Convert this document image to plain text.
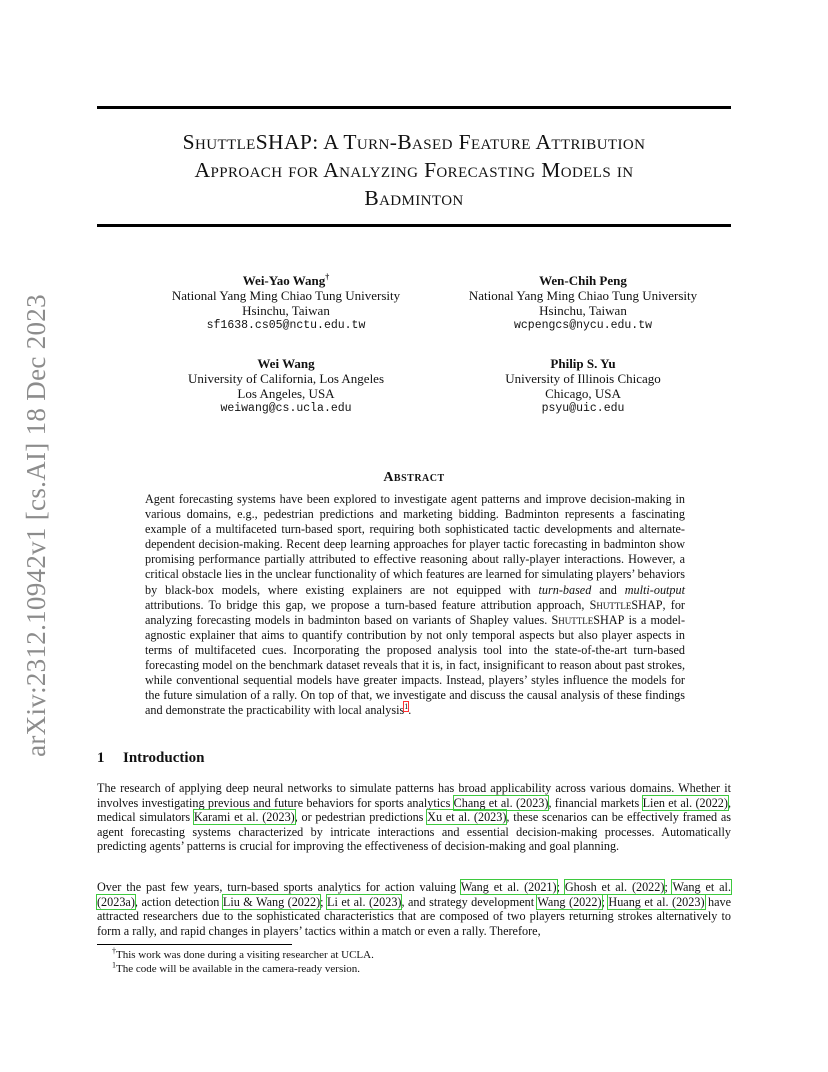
arXiv:2312.10942v1 [cs.AI] 18 Dec 2023
ShuttleSHAP: A Turn-Based Feature Attribution
Approach for Analyzing Forecasting Models in
Badminton
Wei-Yao Wang†
National Yang Ming Chiao Tung University
Hsinchu, Taiwan
sf1638.cs05@nctu.edu.tw
Wen-Chih Peng
National Yang Ming Chiao Tung University
Hsinchu, Taiwan
wcpengcs@nycu.edu.tw
Wei Wang
University of California, Los Angeles
Los Angeles, USA
weiwang@cs.ucla.edu
Philip S. Yu
University of Illinois Chicago
Chicago, USA
psyu@uic.edu
Abstract
Agent forecasting systems have been explored to investigate agent patterns and improve decision-making in various domains, e.g., pedestrian predictions and marketing bidding. Badminton represents a fascinating example of a multifaceted turn-based sport, requiring both sophisticated tactic developments and alternate-dependent decision-making. Recent deep learning approaches for player tactic forecasting in badminton show promising performance partially attributed to effective reasoning about rally-player interactions. However, a critical obstacle lies in the unclear functionality of which features are learned for simulating players’ behaviors by black-box models, where existing explainers are not equipped with turn-based and multi-output attributions. To bridge this gap, we propose a turn-based feature attribution approach, ShuttleSHAP, for analyzing forecasting models in badminton based on variants of Shapley values. ShuttleSHAP is a model-agnostic explainer that aims to quantify contribution by not only temporal aspects but also player aspects in terms of multifaceted cues. Incorporating the proposed analysis tool into the state-of-the-art turn-based forecasting model on the benchmark dataset reveals that it is, in fact, insignificant to reason about past strokes, while conventional sequential models have greater impacts. Instead, players’ styles influence the models for the future simulation of a rally. On top of that, we investigate and discuss the causal analysis of these findings and demonstrate the practicability with local analysis$^1$.
1 Introduction
The research of applying deep neural networks to simulate patterns has broad applicability across various domains. Whether it involves investigating previous and future behaviors for sports analytics Chang et al. (2023), financial markets Lien et al. (2022), medical simulators Karami et al. (2023), or pedestrian predictions Xu et al. (2023), these scenarios can be effectively framed as agent forecasting systems characterized by intricate interactions and essential decision-making processes. Automatically predicting agents’ patterns is crucial for improving the effectiveness of decision-making and goal planning.
Over the past few years, turn-based sports analytics for action valuing Wang et al. (2021); Ghosh et al. (2022); Wang et al. (2023a), action detection Liu & Wang (2022); Li et al. (2023), and strategy development Wang (2022); Huang et al. (2023) have attracted researchers due to the sophisticated characteristics that are composed of two players returning strokes alternatively to form a rally, and rapid changes in players’ tactics within a match or even a rally. Therefore,
†This work was done during a visiting researcher at UCLA.
$^1$The code will be available in the camera-ready version.
